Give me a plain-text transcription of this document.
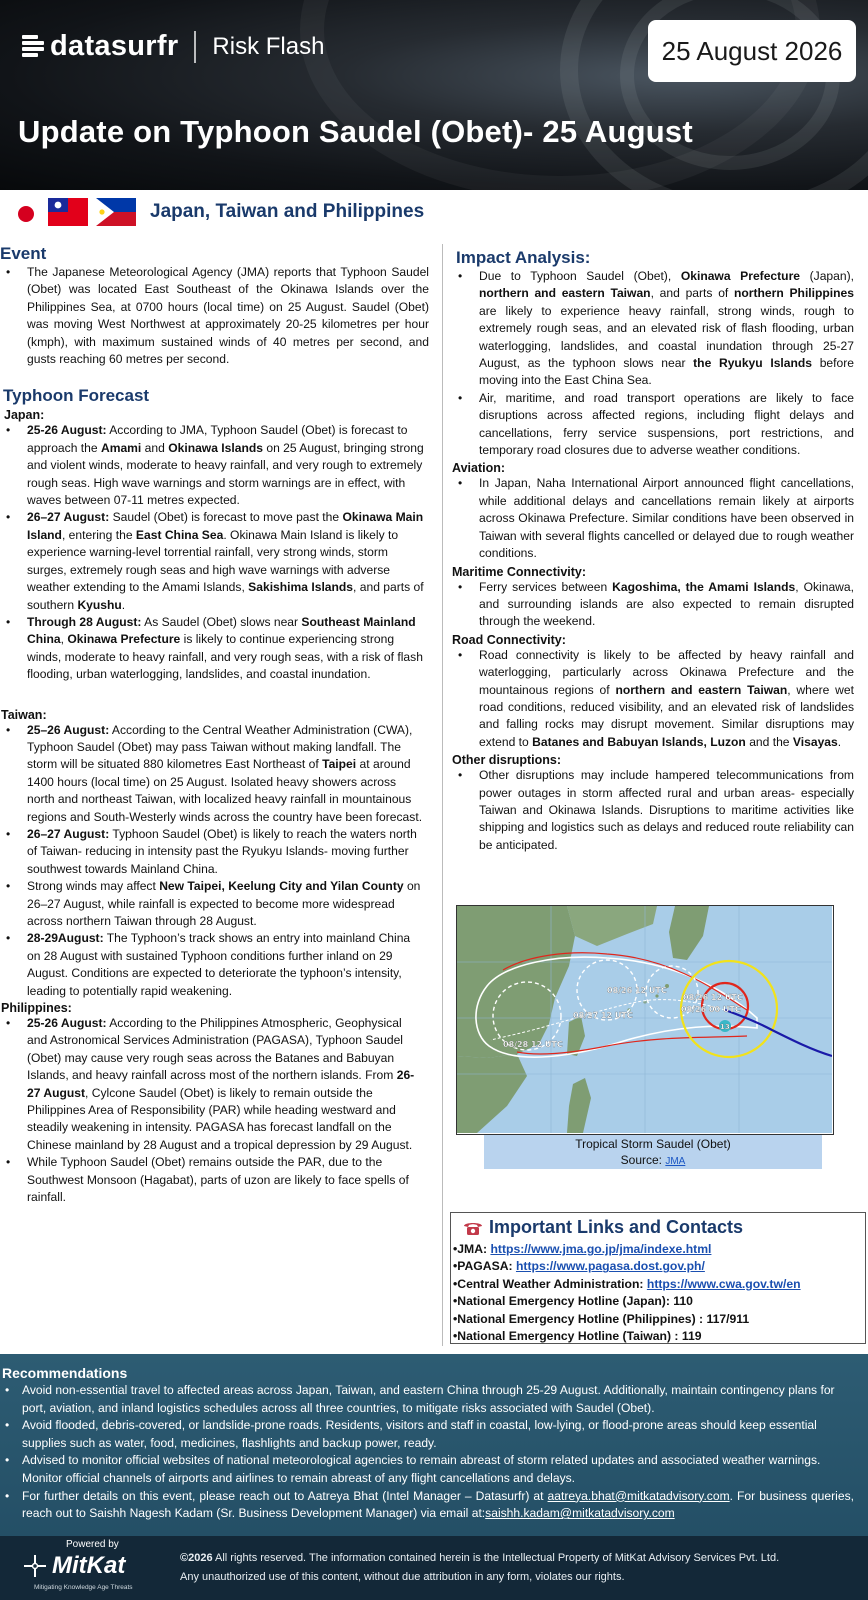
datasurfr Risk Flash	25 August 2026
Update on Typhoon Saudel (Obet)- 25 August
Japan, Taiwan and Philippines
Event
• The Japanese Meteorological Agency (JMA) reports that Typhoon Saudel (Obet) was located East Southeast of the Okinawa Islands over the Philippines Sea, at 0700 hours (local time) on 25 August. Saudel (Obet) was moving West Northwest at approximately 20-25 kilometres per hour (kmph), with maximum sustained winds of 40 metres per second, and gusts reaching 60 metres per second.
Typhoon Forecast
Japan:
• 25-26 August: According to JMA, Typhoon Saudel (Obet) is forecast to approach the Amami and Okinawa Islands on 25 August, bringing strong and violent winds, moderate to heavy rainfall, and very rough to extremely rough seas. High wave warnings and storm warnings are in effect, with waves between 07-11 metres expected.
• 26–27 August: Saudel (Obet) is forecast to move past the Okinawa Main Island, entering the East China Sea. Okinawa Main Island is likely to experience warning-level torrential rainfall, very strong winds, storm surges, extremely rough seas and high wave warnings with adverse weather extending to the Amami Islands, Sakishima Islands, and parts of southern Kyushu.
• Through 28 August: As Saudel (Obet) slows near Southeast Mainland China, Okinawa Prefecture is likely to continue experiencing strong winds, moderate to heavy rainfall, and very rough seas, with a risk of flash flooding, urban waterlogging, landslides, and coastal inundation.
Taiwan:
• 25–26 August: According to the Central Weather Administration (CWA), Typhoon Saudel (Obet) may pass Taiwan without making landfall. The storm will be situated 880 kilometres East Northeast of Taipei at around 1400 hours (local time) on 25 August. Isolated heavy showers across north and northeast Taiwan, with localized heavy rainfall in mountainous regions and South-Westerly winds across the country have been forecast.
• 26–27 August: Typhoon Saudel (Obet) is likely to reach the waters north of Taiwan- reducing in intensity past the Ryukyu Islands- moving further southwest towards Mainland China.
• Strong winds may affect New Taipei, Keelung City and Yilan County on 26–27 August, while rainfall is expected to become more widespread across northern Taiwan through 28 August.
• 28-29August: The Typhoon’s track shows an entry into mainland China on 28 August with sustained Typhoon conditions further inland on 29 August. Conditions are expected to deteriorate the typhoon’s intensity, leading to potentially rapid weakening.
Philippines:
• 25-26 August: According to the Philippines Atmospheric, Geophysical and Astronomical Services Administration (PAGASA), Typhoon Saudel (Obet) may cause very rough seas across the Batanes and Babuyan Islands, and heavy rainfall across most of the northern islands. From 26-27 August, Cylcone Saudel (Obet) is likely to remain outside the Philippines Area of Responsibility (PAR) while heading westward and steadily weakening in intensity. PAGASA has forecast landfall on the Chinese mainland by 28 August and a tropical depression by 29 August.
• While Typhoon Saudel (Obet) remains outside the PAR, due to the Southwest Monsoon (Hagabat), parts of uzon are likely to face spells of rainfall.
Impact Analysis:
• Due to Typhoon Saudel (Obet), Okinawa Prefecture (Japan), northern and eastern Taiwan, and parts of northern Philippines are likely to experience heavy rainfall, strong winds, rough to extremely rough seas, and an elevated risk of flash flooding, urban waterlogging, landslides, and coastal inundation through 25-27 August, as the typhoon slows near the Ryukyu Islands before moving into the East China Sea.
• Air, maritime, and road transport operations are likely to face disruptions across affected regions, including flight delays and cancellations, ferry service suspensions, port restrictions, and temporary road closures due to adverse weather conditions.
Aviation:
• In Japan, Naha International Airport announced flight cancellations, while additional delays and cancellations remain likely at airports across Okinawa Prefecture. Similar conditions have been observed in Taiwan with several flights cancelled or delayed due to rough weather conditions.
Maritime Connectivity:
• Ferry services between Kagoshima, the Amami Islands, Okinawa, and surrounding islands are also expected to remain disrupted through the weekend.
Road Connectivity:
• Road connectivity is likely to be affected by heavy rainfall and waterlogging, particularly across Okinawa Prefecture and the mountainous regions of northern and eastern Taiwan, where wet road conditions, reduced visibility, and an elevated risk of landslides and falling rocks may disrupt movement. Similar disruptions may extend to Batanes and Babuyan Islands, Luzon and the Visayas.
Other disruptions:
• Other disruptions may include hampered telecommunications from power outages in storm affected rural and urban areas- especially Taiwan and Okinawa Islands. Disruptions to maritime activities like shipping and logistics such as delays and reduced route reliability can be anticipated.
08/26 12 UTC
08/26 12 UTC
08/26 00 UTC
08/27 12 UTC
08/28 12 UTC
13
Tropical Storm Saudel (Obet)
Source: JMA
Important Links and Contacts
•JMA: https://www.jma.go.jp/jma/indexe.html
•PAGASA: https://www.pagasa.dost.gov.ph/
•Central Weather Administration: https://www.cwa.gov.tw/en
•National Emergency Hotline (Japan): 110
•National Emergency Hotline (Philippines) : 117/911
•National Emergency Hotline (Taiwan) : 119
Recommendations
• Avoid non-essential travel to affected areas across Japan, Taiwan, and eastern China through 25-29 August. Additionally, maintain contingency plans for port, aviation, and inland logistics schedules across all three countries, to mitigate risks associated with Saudel (Obet).
• Avoid flooded, debris-covered, or landslide-prone roads. Residents, visitors and staff in coastal, low-lying, or flood-prone areas should keep essential supplies such as water, food, medicines, flashlights and backup power, ready.
• Advised to monitor official websites of national meteorological agencies to remain abreast of storm related updates and associated weather warnings. Monitor official channels of airports and airlines to remain abreast of any flight cancellations and delays.
• For further details on this event, please reach out to Aatreya Bhat (Intel Manager – Datasurfr) at aatreya.bhat@mitkatadvisory.com. For business queries, reach out to Saishh Nagesh Kadam (Sr. Business Development Manager) via email at:saishh.kadam@mitkatadvisory.com
Powered by
MitKat
Mitigating Knowledge Age Threats
©2026 All rights reserved. The information contained herein is the Intellectual Property of MitKat Advisory Services Pvt. Ltd.
Any unauthorized use of this content, without due attribution in any form, violates our rights.
